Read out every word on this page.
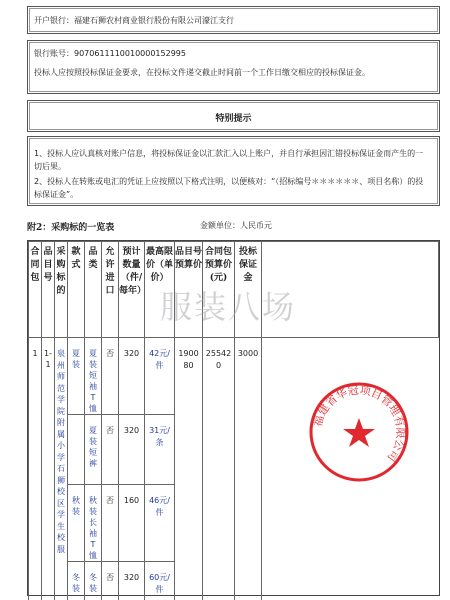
开户银行：福建石狮农村商业银行股份有限公司濠江支行
银行账号：9070611110010000152995
投标人应按照投标保证金要求，在投标文件递交截止时间前一个工作日缴交相应的投标保证金。
特别提示
1、投标人应认真核对账户信息，将投标保证金以汇款汇入以上账户，并自行承担因汇错投标保证金而产生的一切后果。
2、投标人在转账或电汇的凭证上应按照以下格式注明，以便核对：“（招标编号＊＊＊＊＊＊、项目名称）的投标保证金”。
附2：采购标的一览表	金额单位：人民币元
合同包	品目号	采购标的	款式	品类	允许进口	预计数量（件/每年）	最高限价（单价）	品目号预算价	合同包预算价(元)	投标保证金	
1	1-1	泉州师范学院附属小学石狮校区学生校服	夏装	夏装短袖T恤	否	320	42元/件	190080	255420	3000	

				夏装短裤	否	320	31元/条				

			秋装	秋装长袖T恤	否	160	46元/件				

			冬装	冬装	否	320	60元/件				
服装八场
福建省华冠项目管理有限公司
